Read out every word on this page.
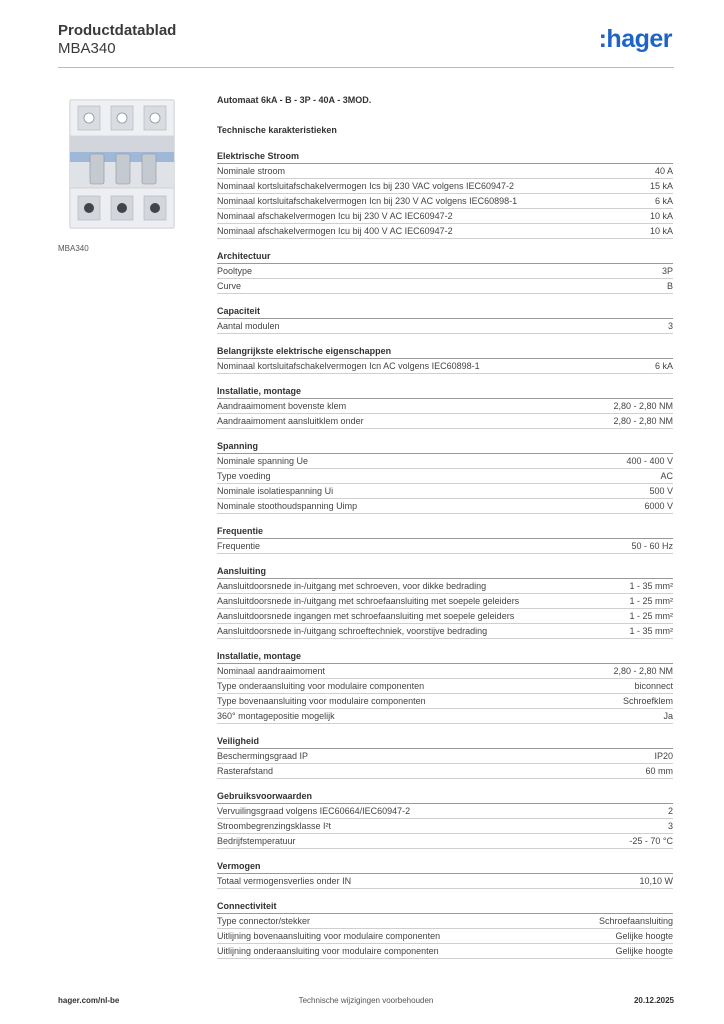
Productdatablad
MBA340	:hager
MBA340
Automaat 6kA - B - 3P - 40A - 3MOD.
Technische karakteristieken
Elektrische Stroom
Nominale stroom	40 A
Nominaal kortsluitafschakelvermogen Ics bij 230 VAC volgens IEC60947-2	15 kA
Nominaal kortsluitafschakelvermogen Icn bij 230 V AC volgens IEC60898-1	6 kA
Nominaal afschakelvermogen Icu bij 230 V AC IEC60947-2	10 kA
Nominaal afschakelvermogen Icu bij 400 V AC IEC60947-2	10 kA
Architectuur
Pooltype	3P
Curve	B
Capaciteit
Aantal modulen	3
Belangrijkste elektrische eigenschappen
Nominaal kortsluitafschakelvermogen Icn AC volgens IEC60898-1	6 kA
Installatie, montage
Aandraaimoment bovenste klem	2,80 - 2,80 NM
Aandraaimoment aansluitklem onder	2,80 - 2,80 NM
Spanning
Nominale spanning Ue	400 - 400 V
Type voeding	AC
Nominale isolatiespanning Ui	500 V
Nominale stoothoudspanning Uimp	6000 V
Frequentie
Frequentie	50 - 60 Hz
Aansluiting
Aansluitdoorsnede in-/uitgang met schroeven, voor dikke bedrading	1 - 35 mm²
Aansluitdoorsnede in-/uitgang met schroefaansluiting met soepele geleiders	1 - 25 mm²
Aansluitdoorsnede ingangen met schroefaansluiting met soepele geleiders	1 - 25 mm²
Aansluitdoorsnede in-/uitgang schroeftechniek, voorstijve bedrading	1 - 35 mm²
Installatie, montage
Nominaal aandraaimoment	2,80 - 2,80 NM
Type onderaansluiting voor modulaire componenten	biconnect
Type bovenaansluiting voor modulaire componenten	Schroefklem
360° montagepositie mogelijk	Ja
Veiligheid
Beschermingsgraad IP	IP20
Rasterafstand	60 mm
Gebruiksvoorwaarden
Vervuilingsgraad volgens IEC60664/IEC60947-2	2
Stroombegrenzingsklasse I²t	3
Bedrijfstemperatuur	-25 - 70 °C
Vermogen
Totaal vermogensverlies onder IN	10,10 W
Connectiviteit
Type connector/stekker	Schroefaansluiting
Uitlijning bovenaansluiting voor modulaire componenten	Gelijke hoogte
Uitlijning onderaansluiting voor modulaire componenten	Gelijke hoogte
hager.com/nl-be	Technische wijzigingen voorbehouden	20.12.2025
